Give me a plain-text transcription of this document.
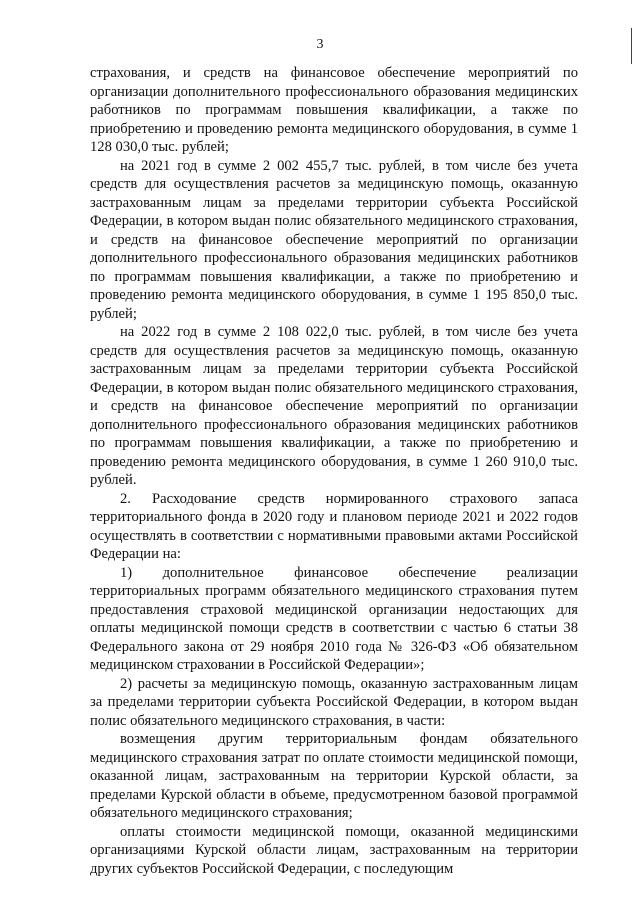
3

страхования, и средств на финансовое обеспечение мероприятий по организации дополнительного профессионального образования медицинских работников по программам повышения квалификации, а также по приобретению и проведению ремонта медицинского оборудования, в сумме 1 128 030,0 тыс. рублей;

на 2021 год в сумме 2 002 455,7 тыс. рублей, в том числе без учета средств для осуществления расчетов за медицинскую помощь, оказанную застрахованным лицам за пределами территории субъекта Российской Федерации, в котором выдан полис обязательного медицинского страхования, и средств на финансовое обеспечение мероприятий по организации дополнительного профессионального образования медицинских работников по программам повышения квалификации, а также по приобретению и проведению ремонта медицинского оборудования, в сумме 1 195 850,0 тыс. рублей;

на 2022 год в сумме 2 108 022,0 тыс. рублей, в том числе без учета средств для осуществления расчетов за медицинскую помощь, оказанную застрахованным лицам за пределами территории субъекта Российской Федерации, в котором выдан полис обязательного медицинского страхования, и средств на финансовое обеспечение мероприятий по организации дополнительного профессионального образования медицинских работников по программам повышения квалификации, а также по приобретению и проведению ремонта медицинского оборудования, в сумме 1 260 910,0 тыс. рублей.

2. Расходование средств нормированного страхового запаса территориального фонда в 2020 году и плановом периоде 2021 и 2022 годов осуществлять в соответствии с нормативными правовыми актами Российской Федерации на:

1) дополнительное финансовое обеспечение реализации территориальных программ обязательного медицинского страхования путем предоставления страховой медицинской организации недостающих для оплаты медицинской помощи средств в соответствии с частью 6 статьи 38 Федерального закона от 29 ноября 2010 года № 326-ФЗ «Об обязательном медицинском страховании в Российской Федерации»;

2) расчеты за медицинскую помощь, оказанную застрахованным лицам за пределами территории субъекта Российской Федерации, в котором выдан полис обязательного медицинского страхования, в части:

возмещения другим территориальным фондам обязательного медицинского страхования затрат по оплате стоимости медицинской помощи, оказанной лицам, застрахованным на территории Курской области, за пределами Курской области в объеме, предусмотренном базовой программой обязательного медицинского страхования;

оплаты стоимости медицинской помощи, оказанной медицинскими организациями Курской области лицам, застрахованным на территории других субъектов Российской Федерации, с последующим
